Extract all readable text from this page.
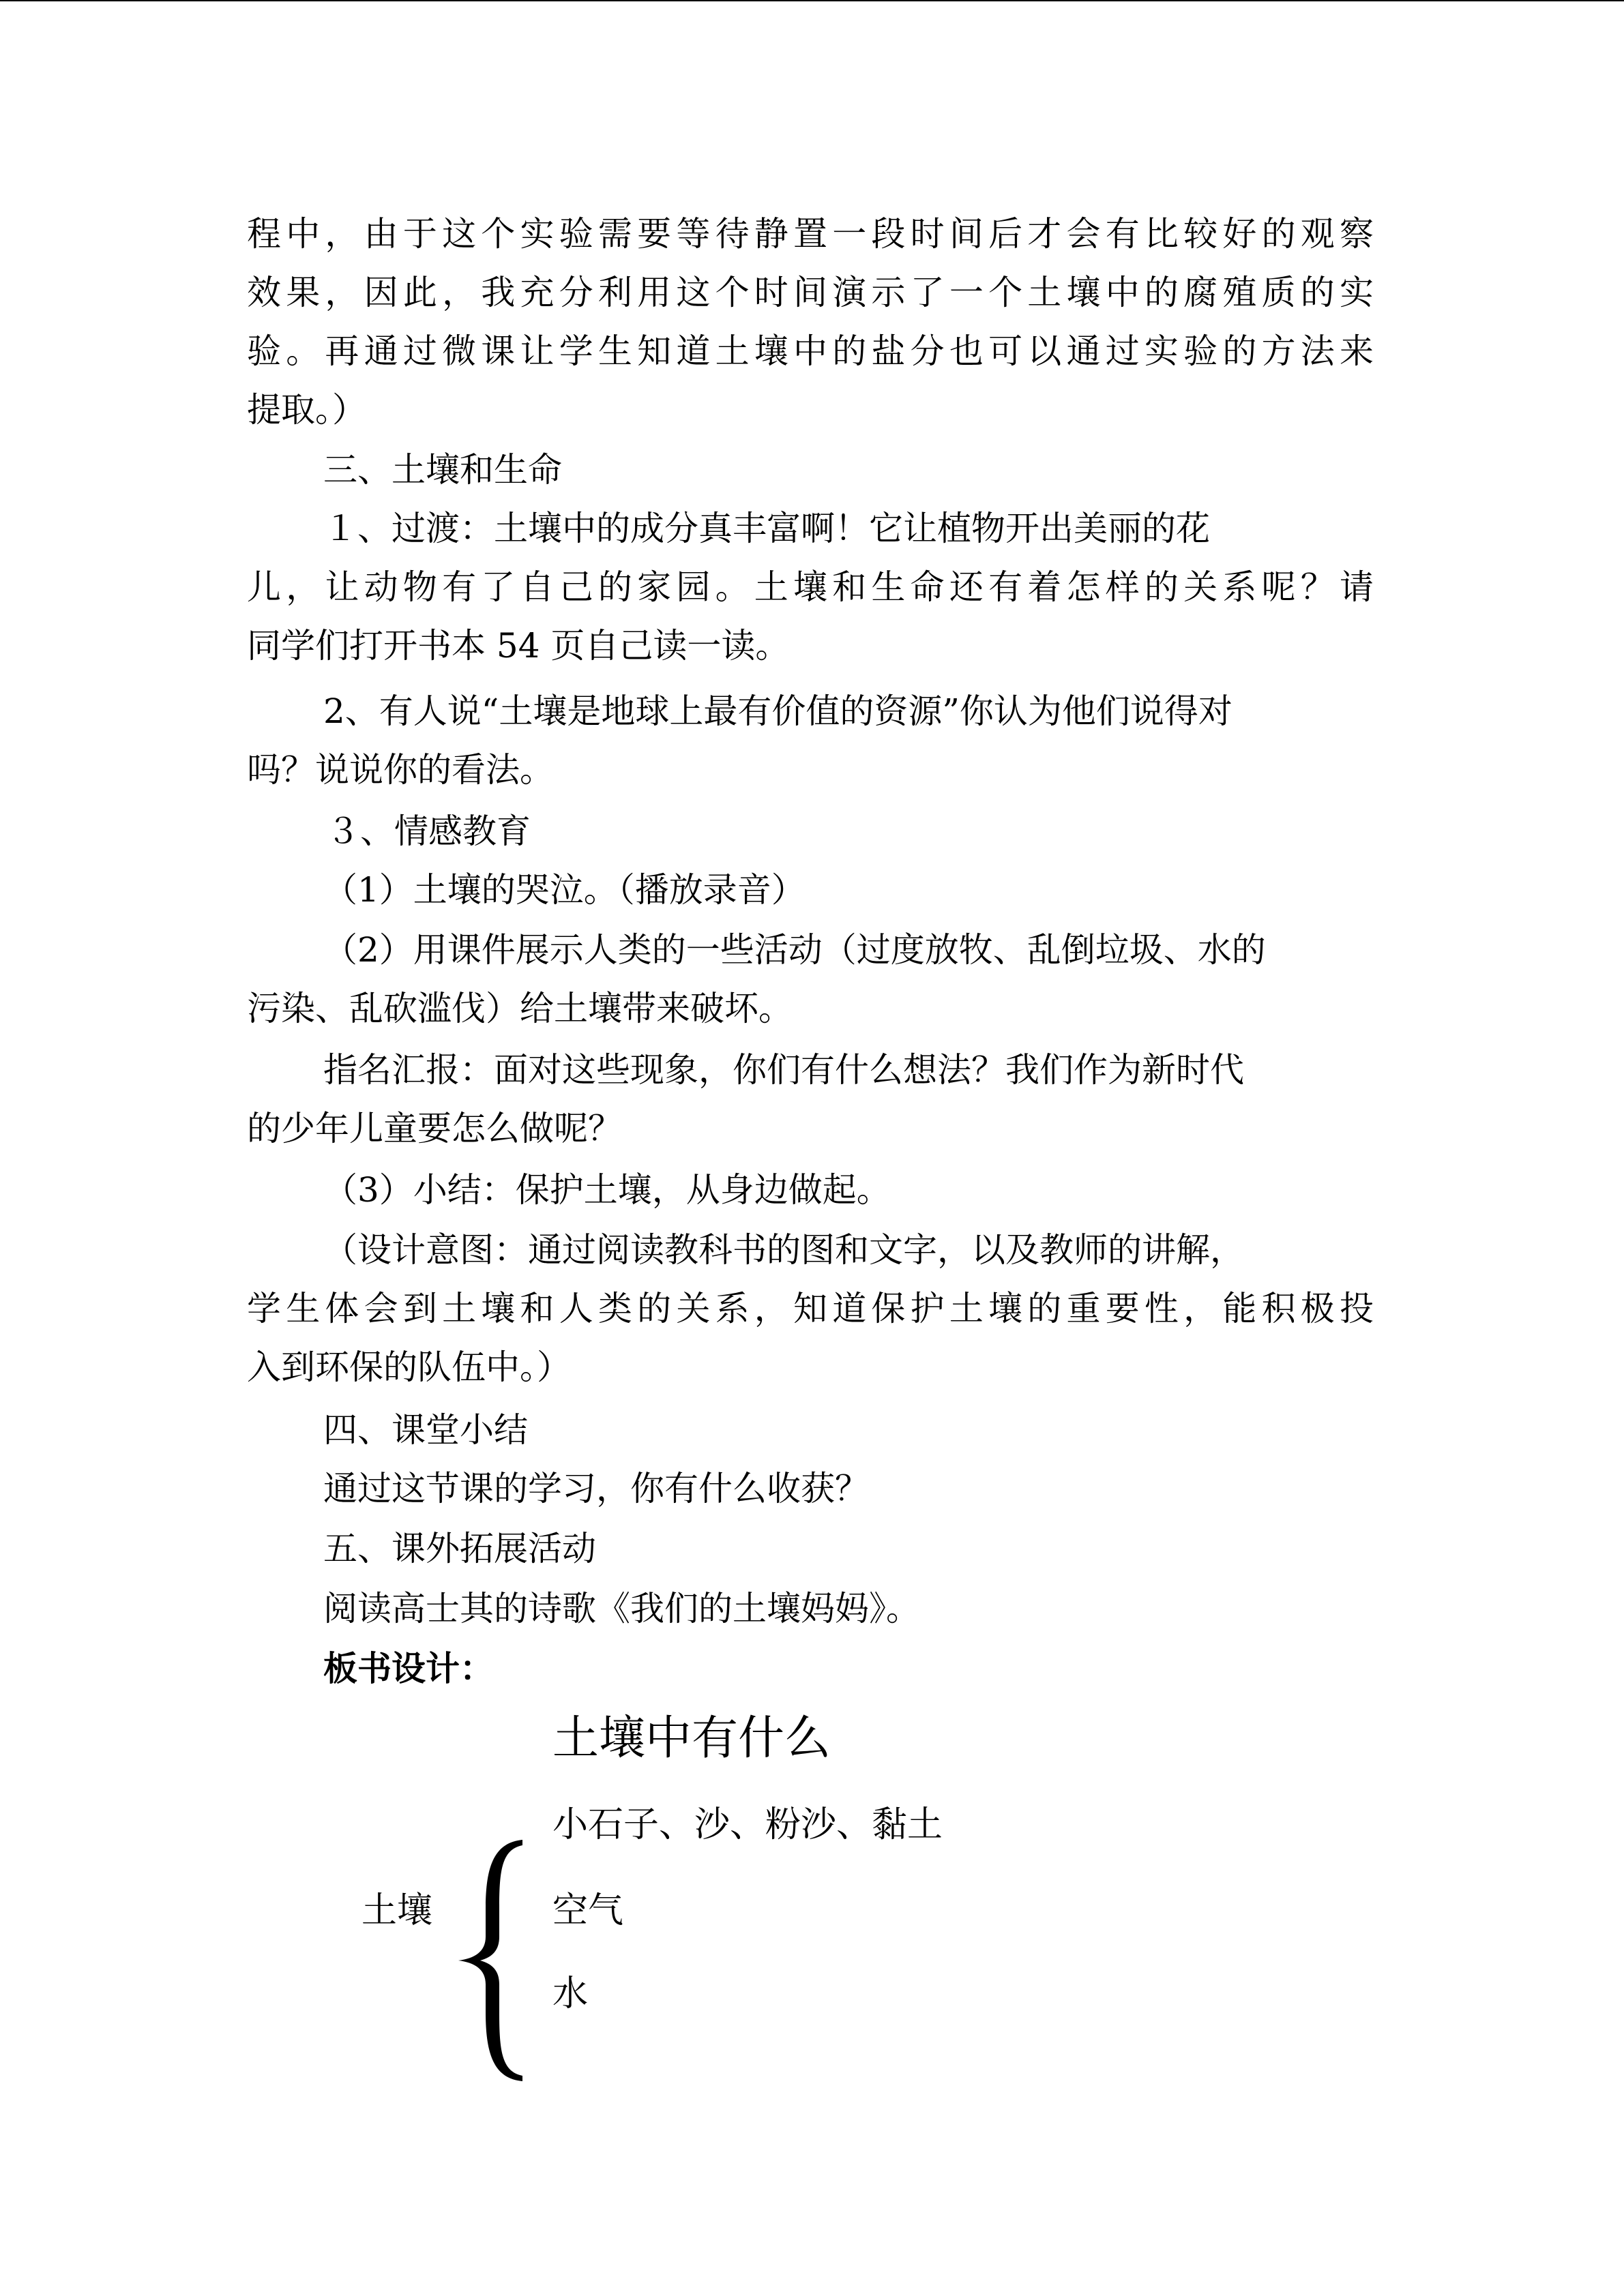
程中，由于这个实验需要等待静置一段时间后才会有比较好的观察
效果，因此，我充分利用这个时间演示了一个土壤中的腐殖质的实
验。再通过微课让学生知道土壤中的盐分也可以通过实验的方法来
提取。）

三、土壤和生命

１、过渡：土壤中的成分真丰富啊！它让植物开出美丽的花
儿，让动物有了自己的家园。土壤和生命还有着怎样的关系呢？请
同学们打开书本 54 页自己读一读。

2、有人说“土壤是地球上最有价值的资源”你认为他们说得对
吗？说说你的看法。

３、情感教育

（1）土壤的哭泣。（播放录音）

（2）用课件展示人类的一些活动（过度放牧、乱倒垃圾、水的
污染、乱砍滥伐）给土壤带来破坏。

指名汇报：面对这些现象，你们有什么想法？我们作为新时代
的少年儿童要怎么做呢？

（3）小结：保护土壤，从身边做起。

（设计意图：通过阅读教科书的图和文字，以及教师的讲解，
学生体会到土壤和人类的关系，知道保护土壤的重要性，能积极投
入到环保的队伍中。）

四、课堂小结

通过这节课的学习，你有什么收获？

五、课外拓展活动

阅读高士其的诗歌《我们的土壤妈妈》。

板书设计：

土壤中有什么

土壤

小石子、沙、粉沙、黏土

空气

水
